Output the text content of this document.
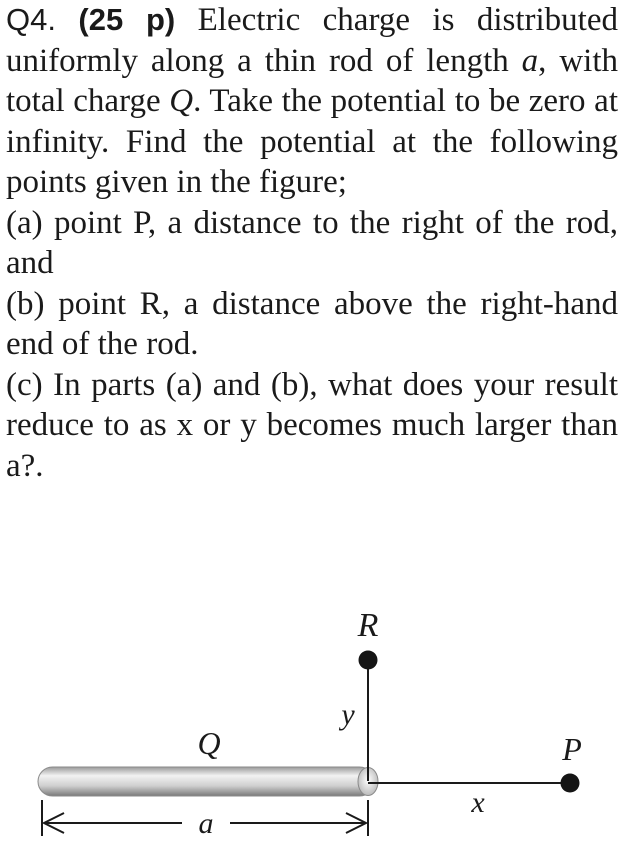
Q4. (25 p) Electric charge is distributed uniformly along a thin rod of length a, with total charge Q. Take the potential to be zero at infinity. Find the potential at the following points given in the figure;

(a) point P, a distance to the right of the rod, and

(b) point R, a distance above the right-hand end of the rod.

(c) In parts (a) and (b), what does your result reduce to as x or y becomes much larger than a?.

R
y
Q	P
x
a
